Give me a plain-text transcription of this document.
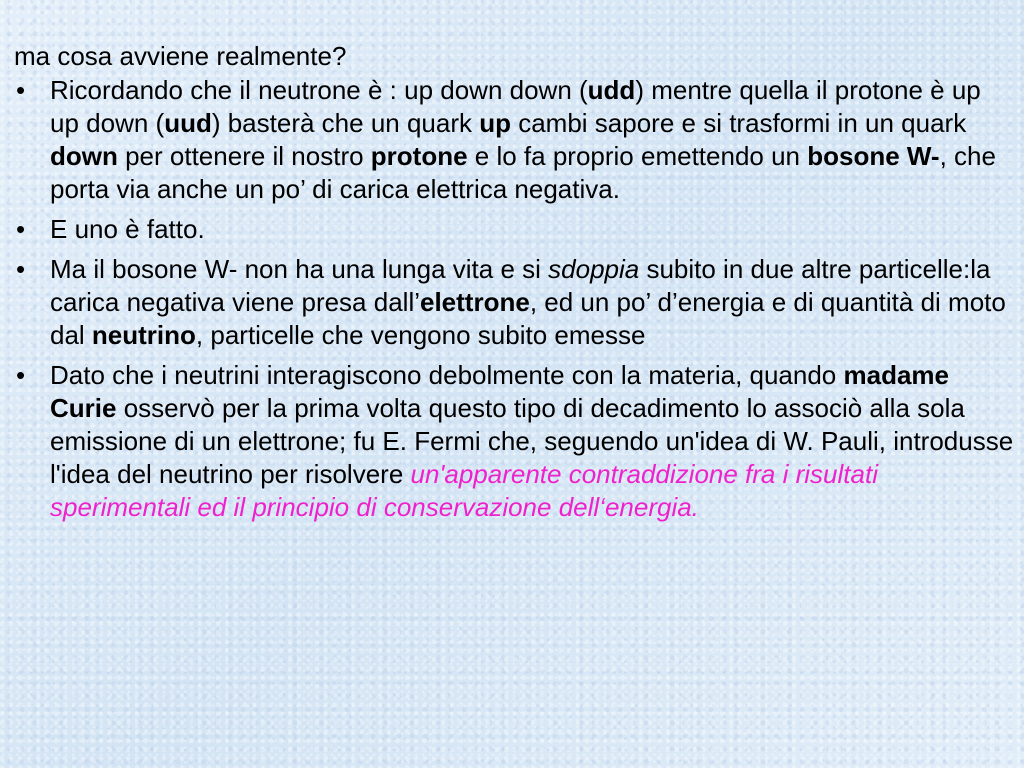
ma cosa avviene realmente?

• Ricordando che il neutrone è : up down down (udd) mentre quella il protone è up up down (uud) basterà che un quark up cambi sapore e si trasformi in un quark down per ottenere il nostro protone e lo fa proprio emettendo un bosone W-, che porta via anche un po’ di carica elettrica negativa.
• E uno è fatto.
• Ma il bosone W- non ha una lunga vita e si sdoppia subito in due altre particelle:la carica negativa viene presa dall’elettrone, ed un po’ d’energia e di quantità di moto dal neutrino, particelle che vengono subito emesse
• Dato che i neutrini interagiscono debolmente con la materia, quando madame Curie osservò per la prima volta questo tipo di decadimento lo associò alla sola emissione di un elettrone; fu E. Fermi che, seguendo un'idea di W. Pauli, introdusse l'idea del neutrino per risolvere un'apparente contraddizione fra i risultati sperimentali ed il principio di conservazione dell‘energia.
